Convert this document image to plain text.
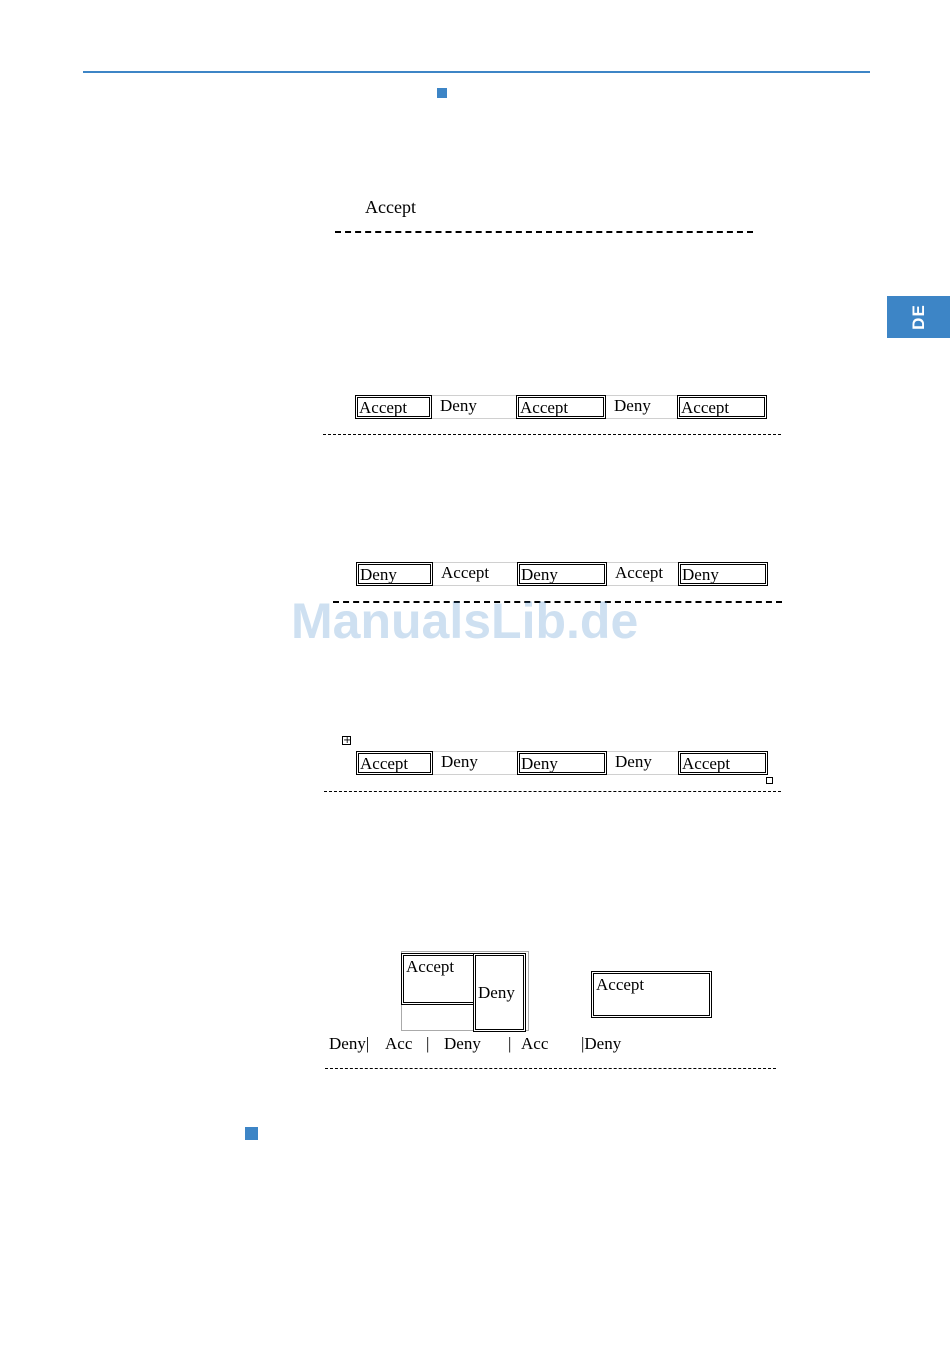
DE
Accept
Accept	Deny	Accept	Deny	Accept
Deny	Accept	Deny	Accept	Deny
ManualsLib.de
+
Accept	Deny	Deny	Deny	Accept
Accept
Deny	Accept
Deny| Acc | Deny | Acc |Deny
